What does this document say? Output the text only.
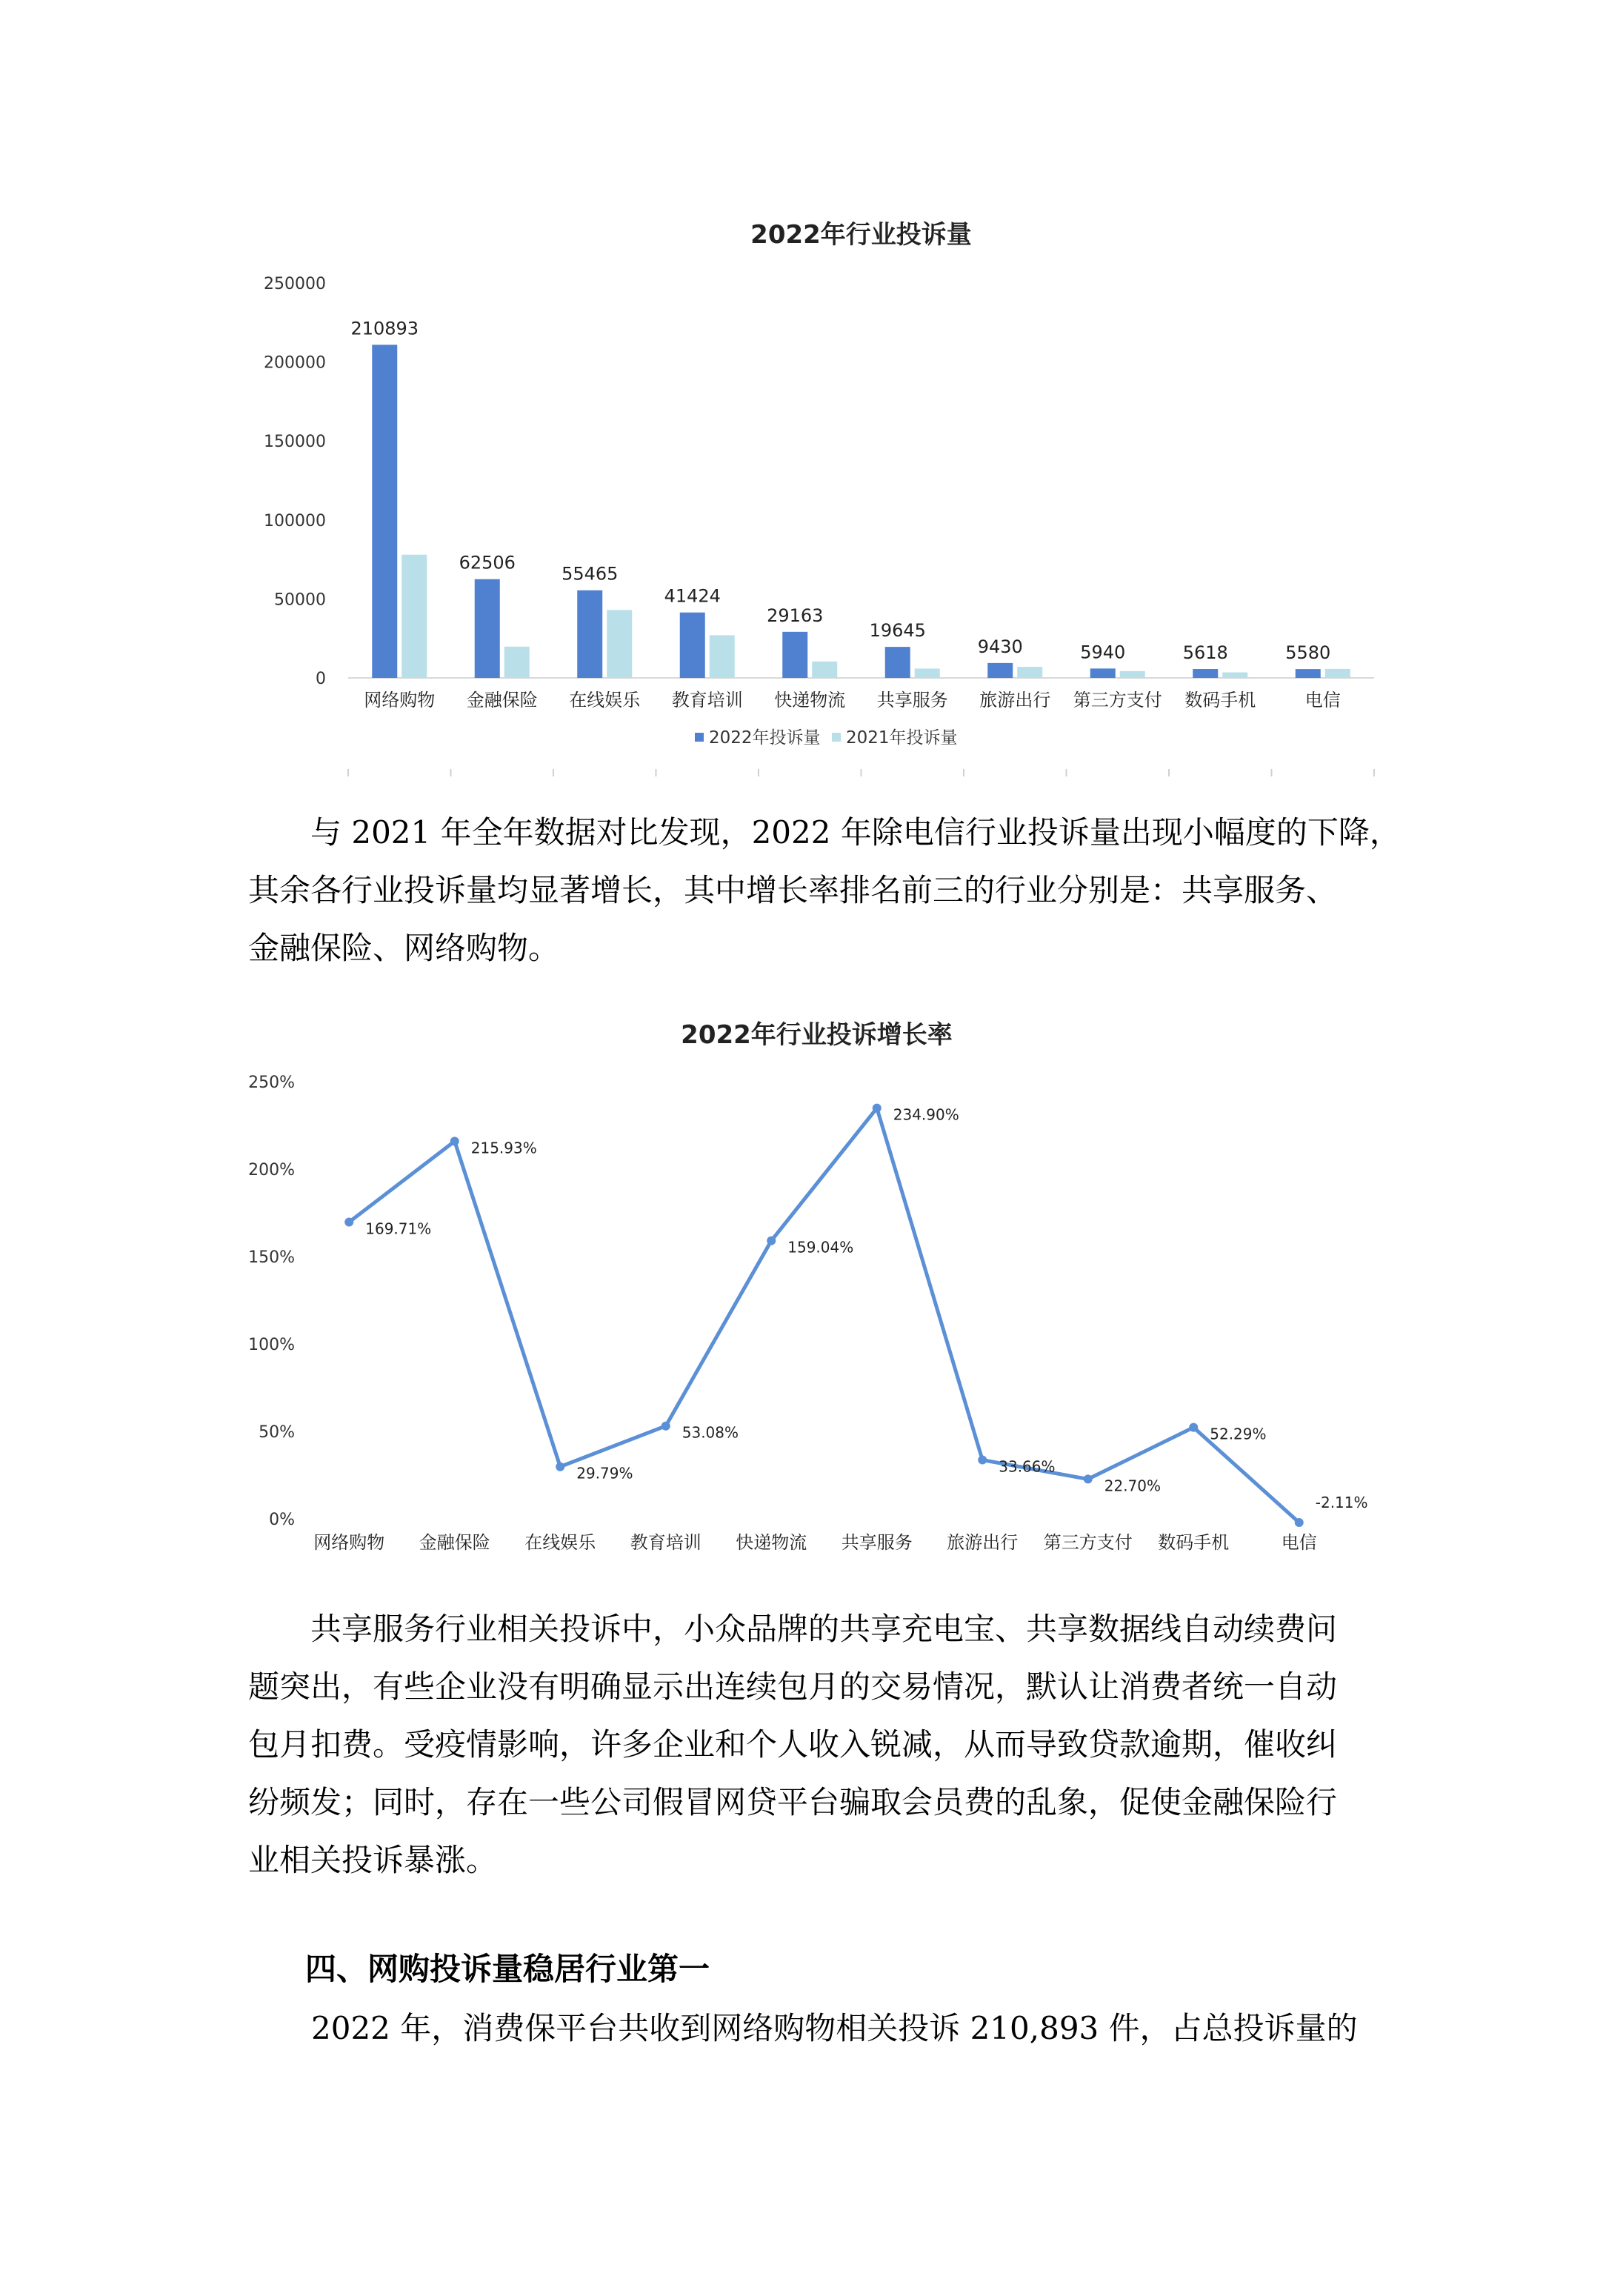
2022年行业投诉量
0
50000
100000
150000
200000
250000
210893
网络购物
62506
金融保险
55465
在线娱乐
41424
教育培训
29163
快递物流
19645
共享服务
9430
旅游出行
5940
第三方支付
5618
数码手机
5580
电信
2022年投诉量 2021年投诉量
与 2021 年全年数据对比发现，2022 年除电信行业投诉量出现小幅度的下降，
其余各行业投诉量均显著增长，其中增长率排名前三的行业分别是：共享服务、
金融保险、网络购物。
2022年行业投诉增长率
0%
50%
100%
150%
200%
250%
169.71%
网络购物
215.93%
金融保险
29.79%
在线娱乐
53.08%
教育培训
159.04%
快递物流
234.90%
共享服务
33.66%
旅游出行
22.70%
第三方支付
52.29%
数码手机
-2.11%
电信
共享服务行业相关投诉中，小众品牌的共享充电宝、共享数据线自动续费问
题突出，有些企业没有明确显示出连续包月的交易情况，默认让消费者统一自动
包月扣费。受疫情影响，许多企业和个人收入锐减，从而导致贷款逾期，催收纠
纷频发；同时，存在一些公司假冒网贷平台骗取会员费的乱象，促使金融保险行
业相关投诉暴涨。
四、网购投诉量稳居行业第一
2022 年，消费保平台共收到网络购物相关投诉 210,893 件，占总投诉量的
